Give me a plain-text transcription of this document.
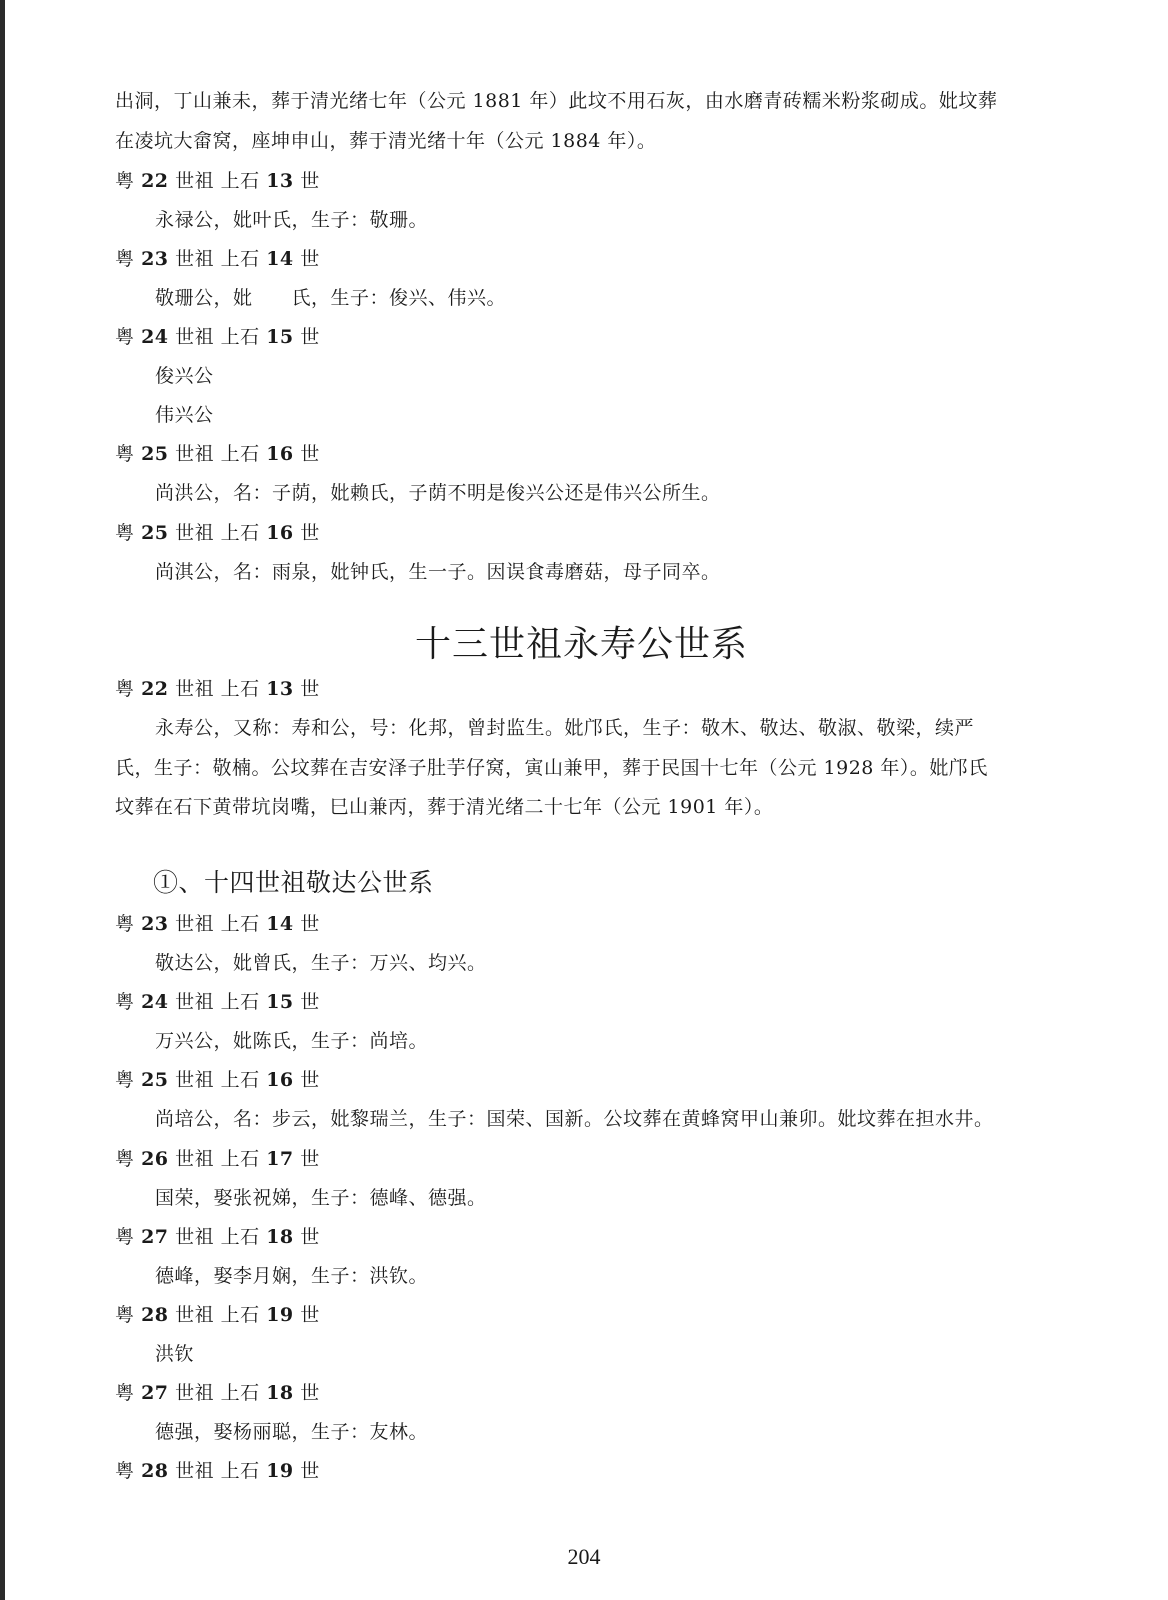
出洞，丁山兼未，葬于清光绪七年（公元 1881 年）此坟不用石灰，由水磨青砖糯米粉浆砌成。妣坟葬
在凌坑大畲窝，座坤申山，葬于清光绪十年（公元 1884 年）。
粤 22 世祖 上石 13 世
永禄公，妣叶氏，生子：敬珊。
粤 23 世祖 上石 14 世
敬珊公，妣　　氏，生子：俊兴、伟兴。
粤 24 世祖 上石 15 世
俊兴公
伟兴公
粤 25 世祖 上石 16 世
尚洪公，名：子荫，妣赖氏，子荫不明是俊兴公还是伟兴公所生。
粤 25 世祖 上石 16 世
尚淇公，名：雨泉，妣钟氏，生一子。因误食毒磨菇，母子同卒。
十三世祖永寿公世系
粤 22 世祖 上石 13 世
永寿公，又称：寿和公，号：化邦，曾封监生。妣邝氏，生子：敬木、敬达、敬淑、敬梁，续严
氏，生子：敬楠。公坟葬在吉安泽子肚芋仔窝，寅山兼甲，葬于民国十七年（公元 1928 年）。妣邝氏
坟葬在石下黄带坑岗嘴，巳山兼丙，葬于清光绪二十七年（公元 1901 年）。
①、十四世祖敬达公世系
粤 23 世祖 上石 14 世
敬达公，妣曾氏，生子：万兴、均兴。
粤 24 世祖 上石 15 世
万兴公，妣陈氏，生子：尚培。
粤 25 世祖 上石 16 世
尚培公，名：步云，妣黎瑞兰，生子：国荣、国新。公坟葬在黄蜂窝甲山兼卯。妣坟葬在担水井。
粤 26 世祖 上石 17 世
国荣，娶张祝娣，生子：德峰、德强。
粤 27 世祖 上石 18 世
德峰，娶李月娴，生子：洪钦。
粤 28 世祖 上石 19 世
洪钦
粤 27 世祖 上石 18 世
德强，娶杨丽聪，生子：友林。
粤 28 世祖 上石 19 世
204
